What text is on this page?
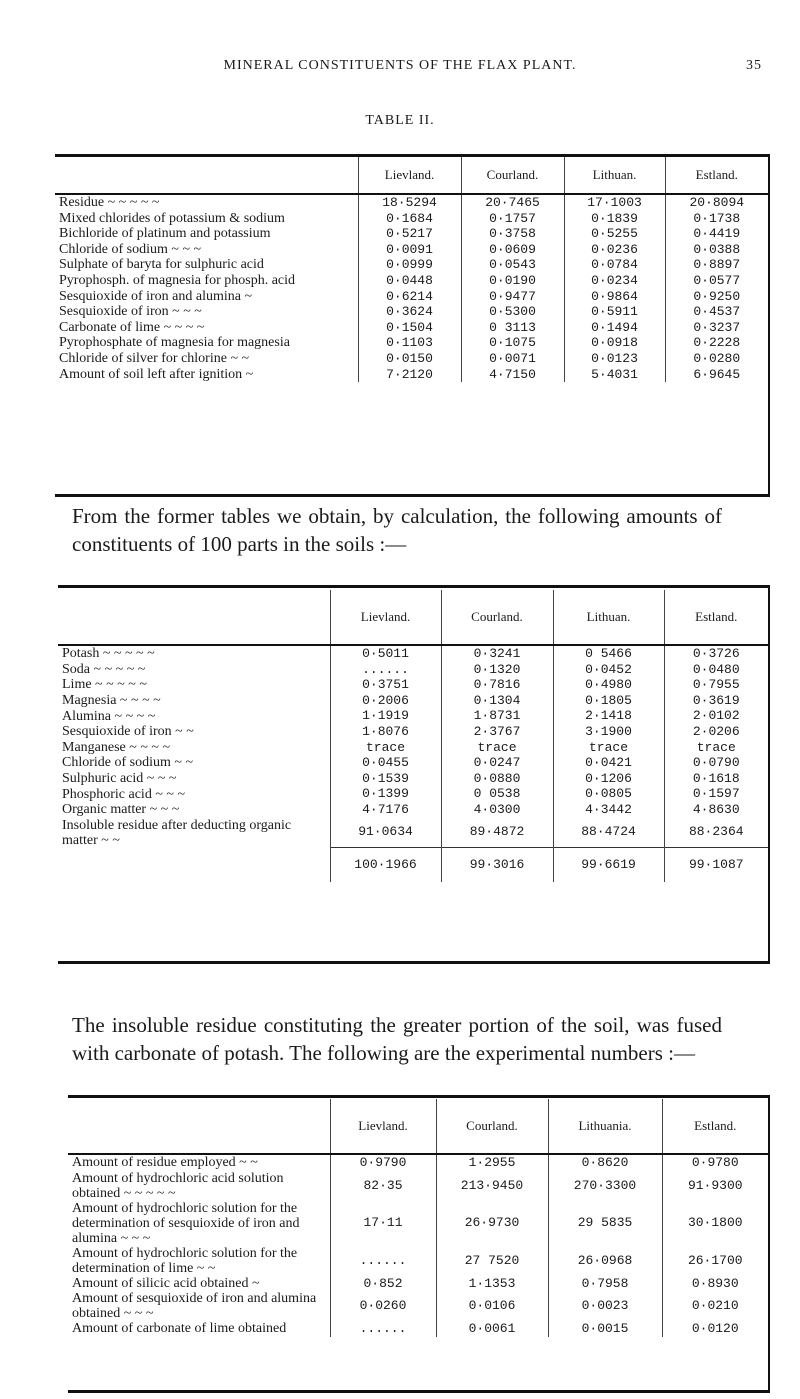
MINERAL CONSTITUENTS OF THE FLAX PLANT.	35
TABLE II.
	Lievland.	Courland.	Lithuan.	Estland.
Residue ~ ~ ~ ~ ~	18·5294	20·7465	17·1003	20·8094
Mixed chlorides of potassium & sodium	0·1684	0·1757	0·1839	0·1738
Bichloride of platinum and potassium	0·5217	0·3758	0·5255	0·4419
Chloride of sodium ~ ~ ~	0·0091	0·0609	0·0236	0·0388
Sulphate of baryta for sulphuric acid	0·0999	0·0543	0·0784	0·8897
Pyrophosph. of magnesia for phosph. acid	0·0448	0·0190	0·0234	0·0577
Sesquioxide of iron and alumina ~	0·6214	0·9477	0·9864	0·9250
Sesquioxide of iron ~ ~ ~	0·3624	0·5300	0·5911	0·4537
Carbonate of lime ~ ~ ~ ~	0·1504	0 3113	0·1494	0·3237
Pyrophosphate of magnesia for magnesia	0·1103	0·1075	0·0918	0·2228
Chloride of silver for chlorine ~ ~	0·0150	0·0071	0·0123	0·0280
Amount of soil left after ignition ~	7·2120	4·7150	5·4031	6·9645
From the former tables we obtain, by calculation, the following amounts of constituents of 100 parts in the soils :—
	Lievland.	Courland.	Lithuan.	Estland.
Potash ~ ~ ~ ~ ~	0·5011	0·3241	0 5466	0·3726
Soda ~ ~ ~ ~ ~	......	0·1320	0·0452	0·0480
Lime ~ ~ ~ ~ ~	0·3751	0·7816	0·4980	0·7955
Magnesia ~ ~ ~ ~	0·2006	0·1304	0·1805	0·3619
Alumina ~ ~ ~ ~	1·1919	1·8731	2·1418	2·0102
Sesquioxide of iron ~ ~	1·8076	2·3767	3·1900	2·0206
Manganese ~ ~ ~ ~	trace	trace	trace	trace
Chloride of sodium ~ ~	0·0455	0·0247	0·0421	0·0790
Sulphuric acid ~ ~ ~	0·1539	0·0880	0·1206	0·1618
Phosphoric acid ~ ~ ~	0·1399	0 0538	0·0805	0·1597
Organic matter ~ ~ ~	4·7176	4·0300	4·3442	4·8630
Insoluble residue after deducting organic matter ~ ~	91·0634	89·4872	88·4724	88·2364
	100·1966	99·3016	99·6619	99·1087
The insoluble residue constituting the greater portion of the soil, was fused with carbonate of potash. The following are the experimental numbers :—
	Lievland.	Courland.	Lithuania.	Estland.
Amount of residue employed ~ ~	0·9790	1·2955	0·8620	0·9780
Amount of hydrochloric acid solution obtained ~ ~ ~ ~ ~	82·35	213·9450	270·3300	91·9300
Amount of hydrochloric solution for the determination of sesquioxide of iron and alumina ~ ~ ~	17·11	26·9730	29 5835	30·1800
Amount of hydrochloric solution for the determination of lime ~ ~	......	27 7520	26·0968	26·1700
Amount of silicic acid obtained ~	0·852	1·1353	0·7958	0·8930
Amount of sesquioxide of iron and alumina obtained ~ ~ ~	0·0260	0·0106	0·0023	0·0210
Amount of carbonate of lime obtained	......	0·0061	0·0015	0·0120
